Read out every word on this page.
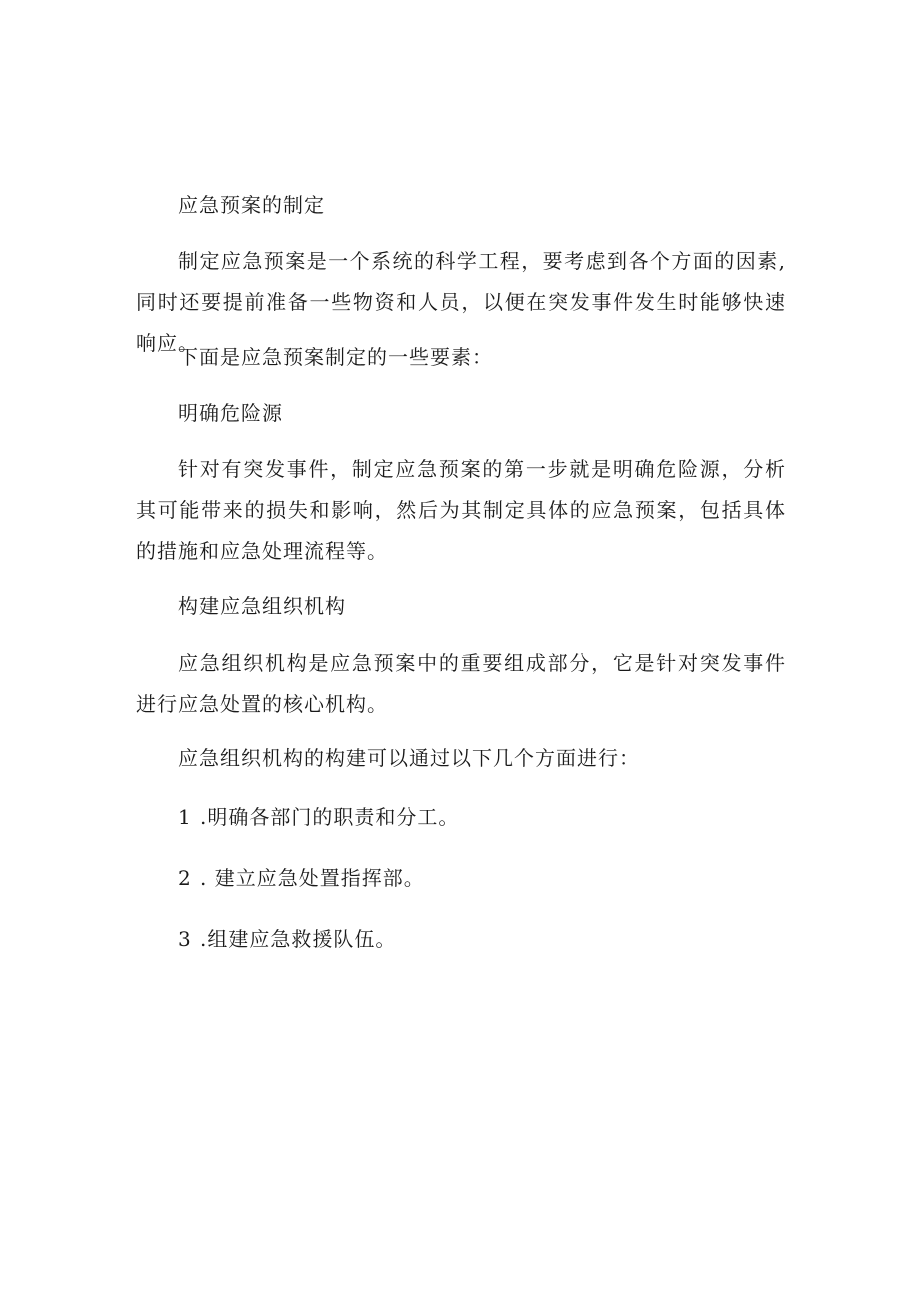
应急预案的制定
制定应急预案是一个系统的科学工程，要考虑到各个方面的因素,同时还要提前准备一些物资和人员，以便在突发事件发生时能够快速响应。
下面是应急预案制定的一些要素：
明确危险源
针对有突发事件，制定应急预案的第一步就是明确危险源，分析其可能带来的损失和影响，然后为其制定具体的应急预案，包括具体的措施和应急处理流程等。
构建应急组织机构
应急组织机构是应急预案中的重要组成部分，它是针对突发事件进行应急处置的核心机构。
应急组织机构的构建可以通过以下几个方面进行：
1 .明确各部门的职责和分工。
2 . 建立应急处置指挥部。
3 .组建应急救援队伍。
